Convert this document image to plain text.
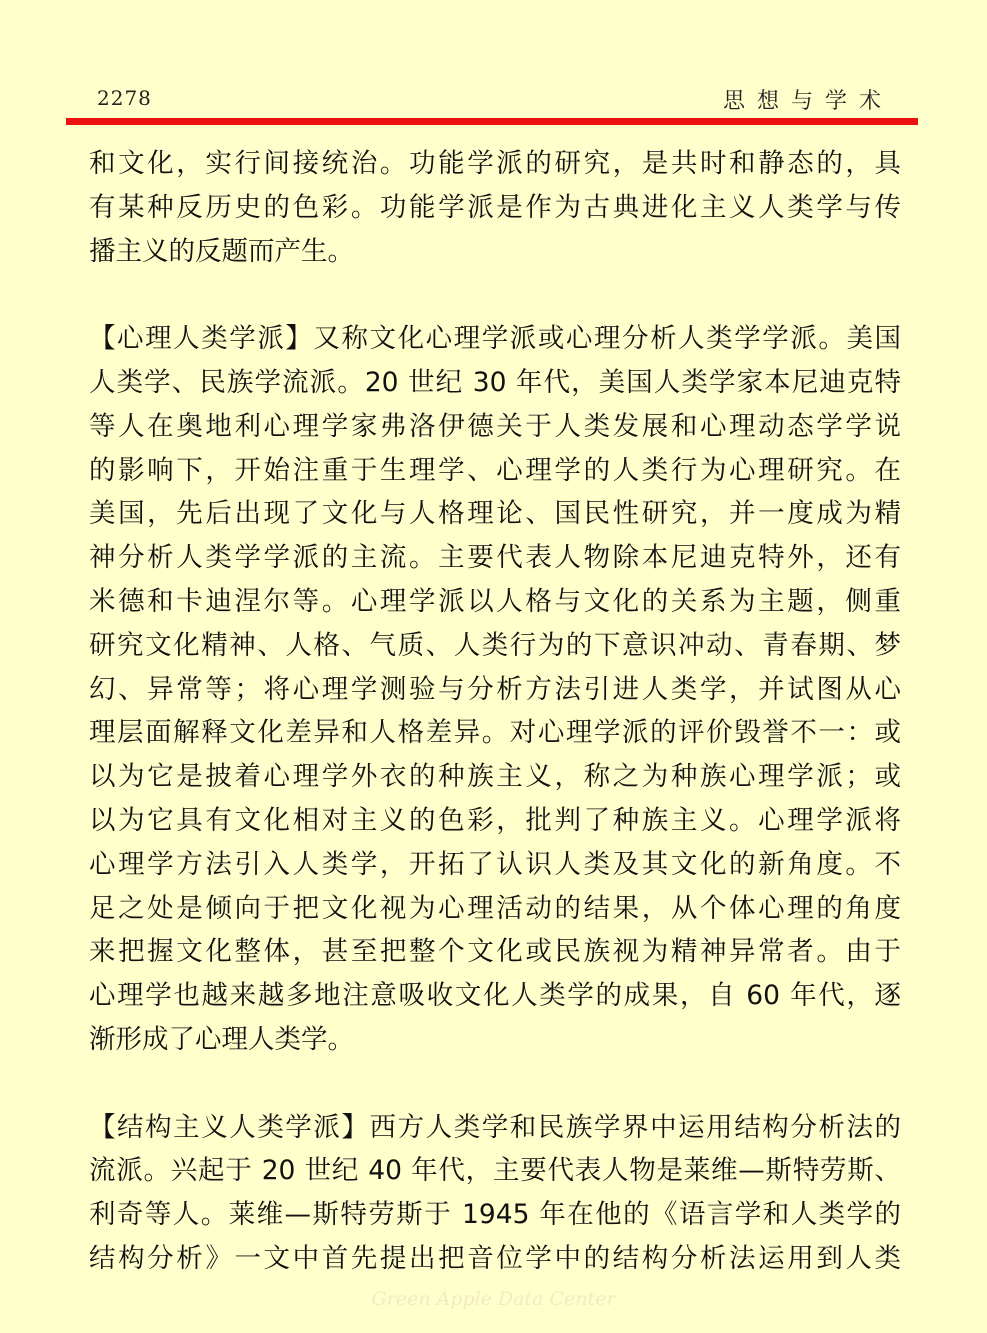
2278	思想与学术
和文化，实行间接统治。功能学派的研究，是共时和静态的，具
有某种反历史的色彩。功能学派是作为古典进化主义人类学与传
播主义的反题而产生。
【心理人类学派】又称文化心理学派或心理分析人类学学派。美国
人类学、民族学流派。20 世纪 30 年代，美国人类学家本尼迪克特
等人在奥地利心理学家弗洛伊德关于人类发展和心理动态学学说
的影响下，开始注重于生理学、心理学的人类行为心理研究。在
美国，先后出现了文化与人格理论、国民性研究，并一度成为精
神分析人类学学派的主流。主要代表人物除本尼迪克特外，还有
米德和卡迪涅尔等。心理学派以人格与文化的关系为主题，侧重
研究文化精神、人格、气质、人类行为的下意识冲动、青春期、梦
幻、异常等；将心理学测验与分析方法引进人类学，并试图从心
理层面解释文化差异和人格差异。对心理学派的评价毁誉不一：或
以为它是披着心理学外衣的种族主义，称之为种族心理学派；或
以为它具有文化相对主义的色彩，批判了种族主义。心理学派将
心理学方法引入人类学，开拓了认识人类及其文化的新角度。不
足之处是倾向于把文化视为心理活动的结果，从个体心理的角度
来把握文化整体，甚至把整个文化或民族视为精神异常者。由于
心理学也越来越多地注意吸收文化人类学的成果，自 60 年代，逐
渐形成了心理人类学。
【结构主义人类学派】西方人类学和民族学界中运用结构分析法的
流派。兴起于 20 世纪 40 年代，主要代表人物是莱维—斯特劳斯、
利奇等人。莱维—斯特劳斯于 1945 年在他的《语言学和人类学的
结构分析》一文中首先提出把音位学中的结构分析法运用到人类
Green Apple Data Center
